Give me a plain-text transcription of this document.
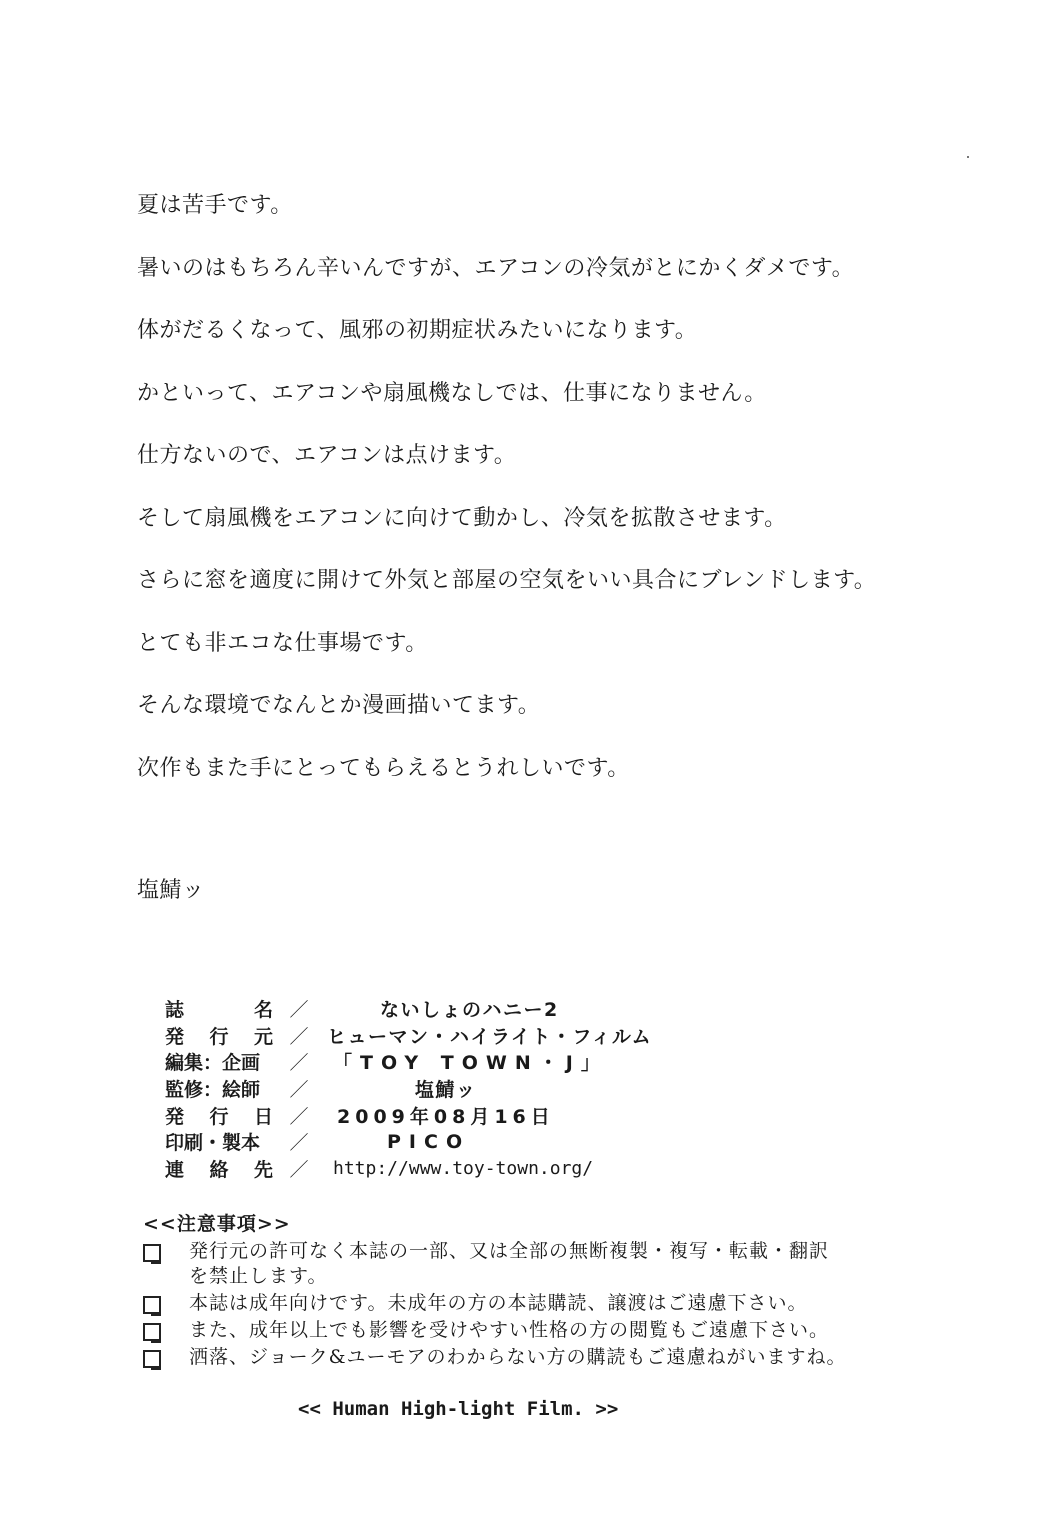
夏は苦手です。
暑いのはもちろん辛いんですが、エアコンの冷気がとにかくダメです。
体がだるくなって、風邪の初期症状みたいになります。
かといって、エアコンや扇風機なしでは、仕事になりません。
仕方ないので、エアコンは点けます。
そして扇風機をエアコンに向けて動かし、冷気を拡散させます。
さらに窓を適度に開けて外気と部屋の空気をいい具合にブレンドします。
とても非エコな仕事場です。
そんな環境でなんとか漫画描いてます。
次作もまた手にとってもらえるとうれしいです。
塩鯖ッ
誌	名 ／	ないしょのハニー2
発 行 元 ／ ヒューマン・ハイライト・フィルム
編集：企画	／	「TOY TOWN・J」
監修：絵師	／	塩鯖ッ
発 行 日 ／	2009年08月16日
印刷・製本	／	PICO
連 絡 先 ／	http://www.toy-town.org/
<<注意事項>>
発行元の許可なく本誌の一部、又は全部の無断複製・複写・転載・翻訳
を禁止します。
本誌は成年向けです。未成年の方の本誌購読、譲渡はご遠慮下さい。
また、成年以上でも影響を受けやすい性格の方の閲覧もご遠慮下さい。
洒落、ジョーク&ユーモアのわからない方の購読もご遠慮ねがいますね。
<< Human High-light Film. >>
